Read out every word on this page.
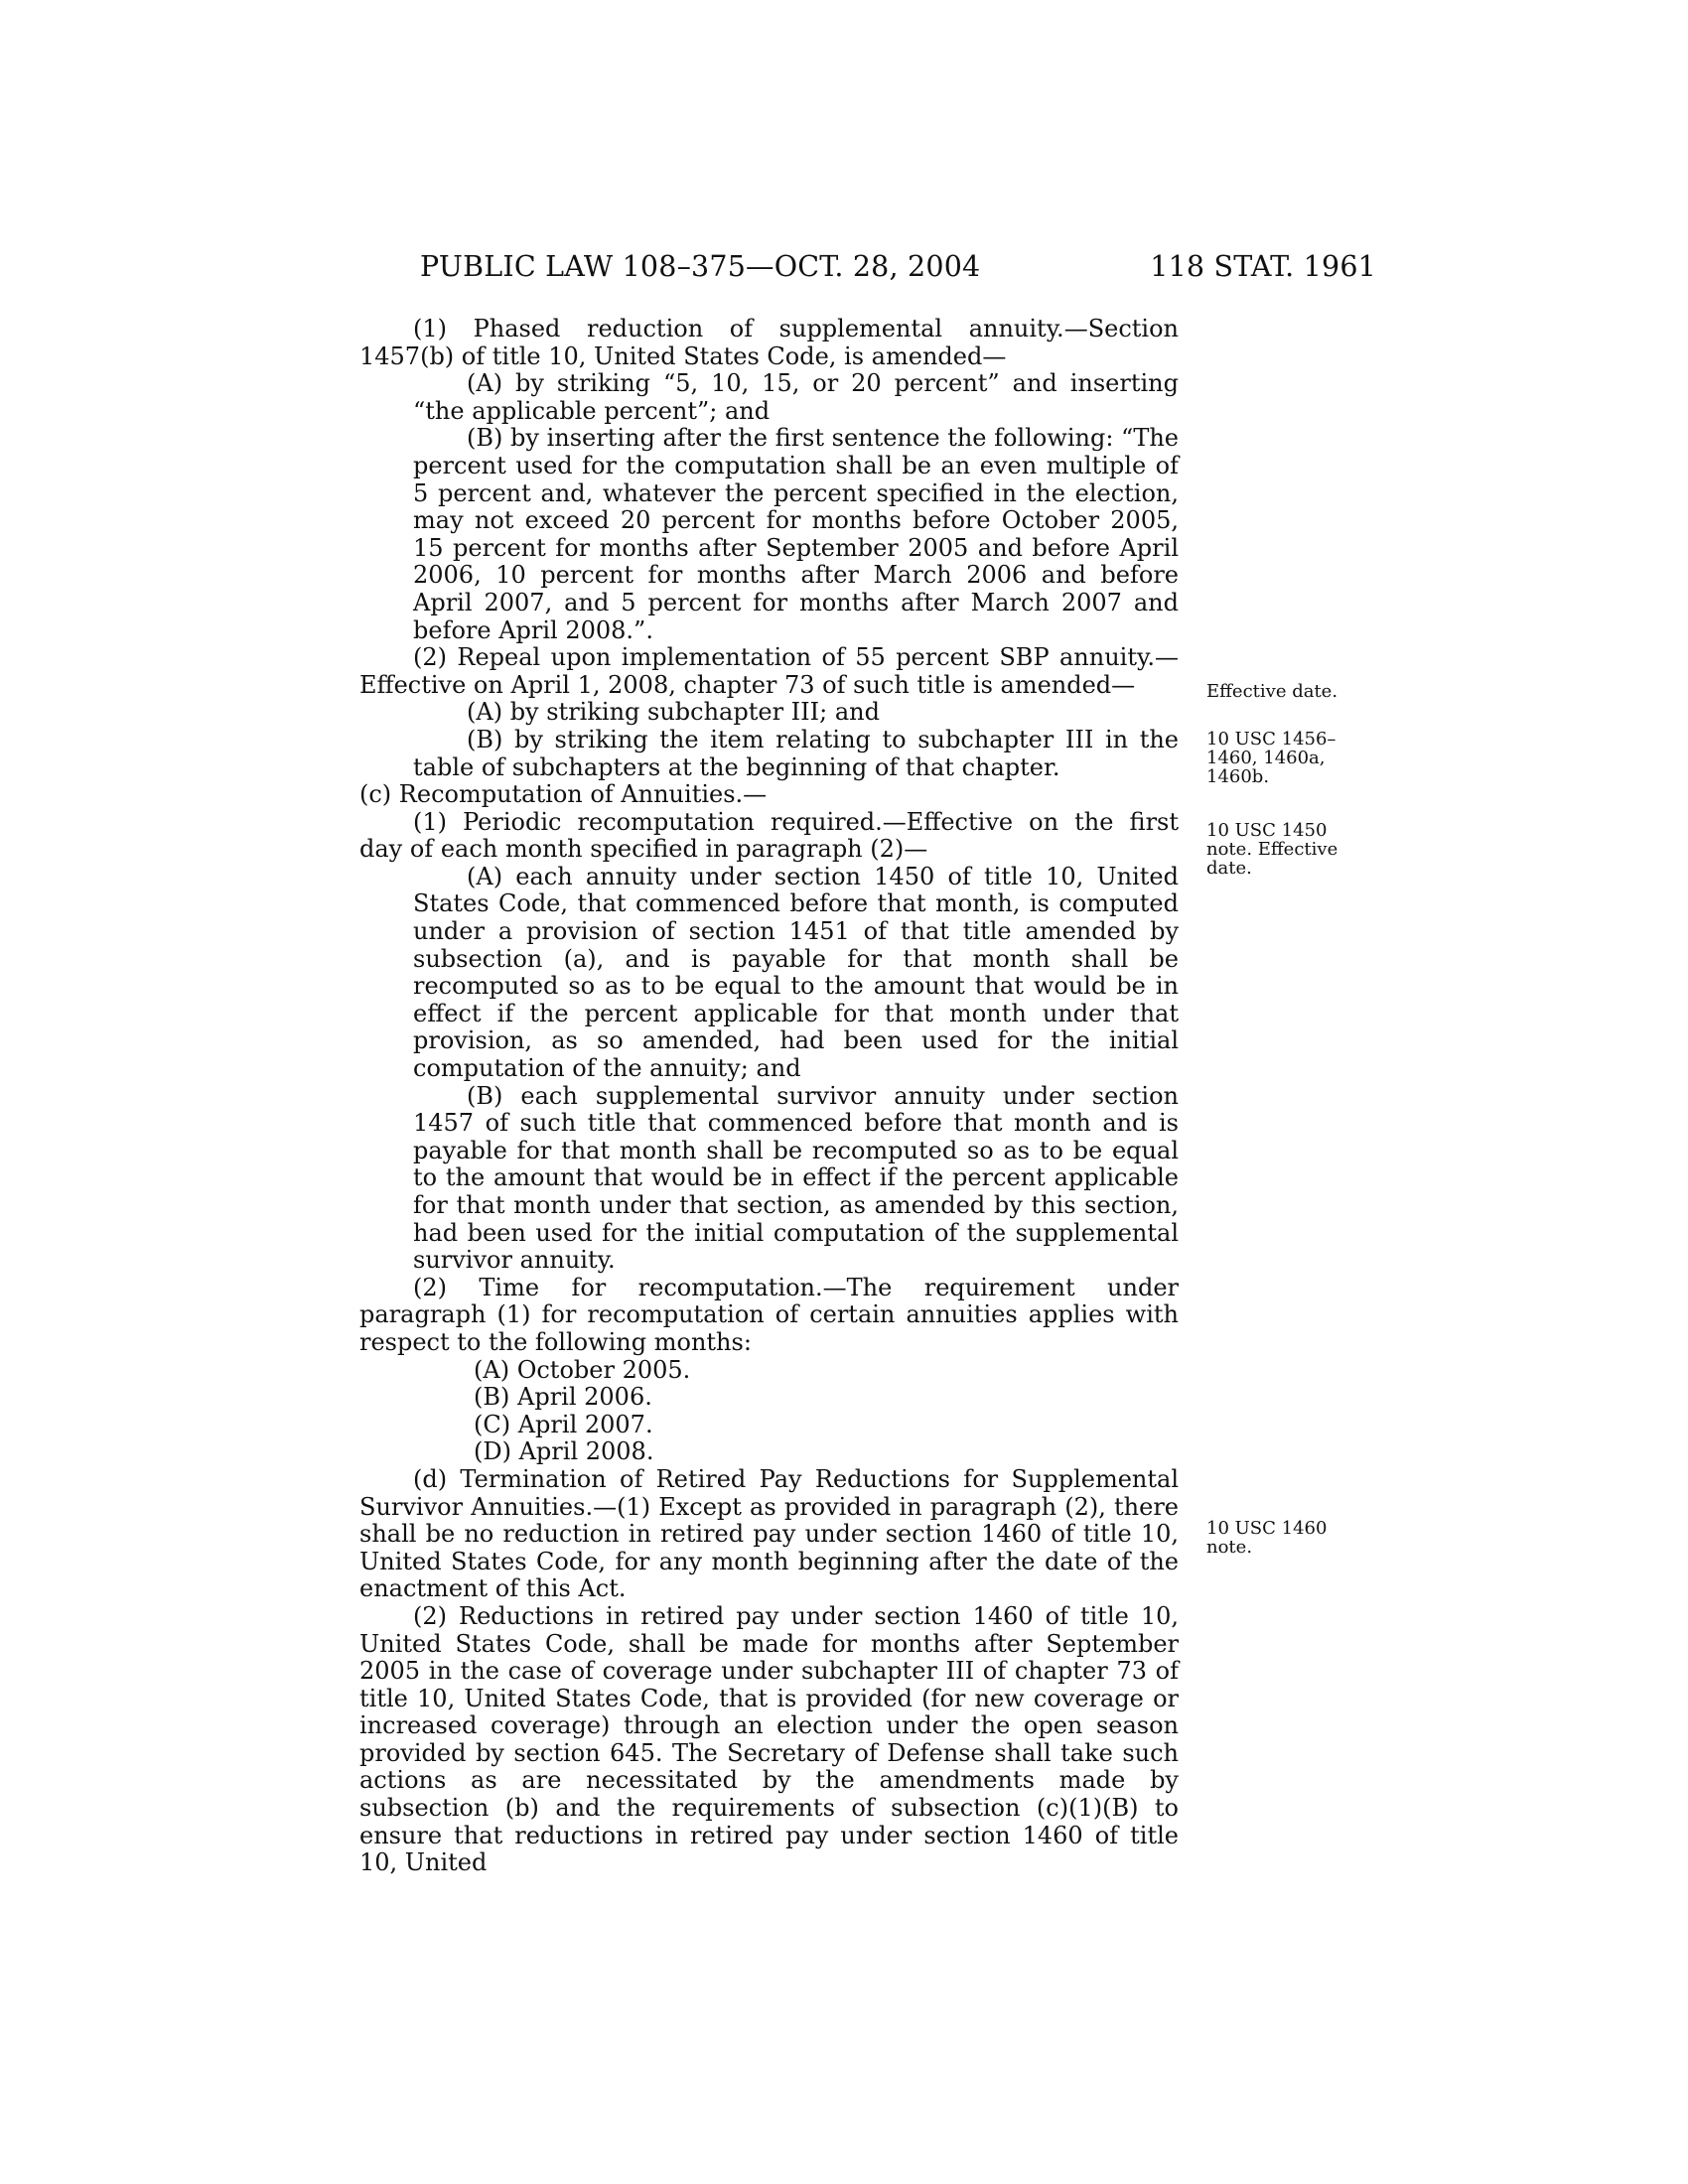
PUBLIC LAW 108–375—OCT. 28, 2004	118 STAT. 1961
(1) Phased reduction of supplemental annuity.—Section 1457(b) of title 10, United States Code, is amended—
(A) by striking “5, 10, 15, or 20 percent” and inserting “the applicable percent”; and
(B) by inserting after the first sentence the following: “The percent used for the computation shall be an even multiple of 5 percent and, whatever the percent specified in the election, may not exceed 20 percent for months before October 2005, 15 percent for months after September 2005 and before April 2006, 10 percent for months after March 2006 and before April 2007, and 5 percent for months after March 2007 and before April 2008.”.
(2) Repeal upon implementation of 55 percent SBP annuity.—Effective on April 1, 2008, chapter 73 of such title is amended—
(A) by striking subchapter III; and
(B) by striking the item relating to subchapter III in the table of subchapters at the beginning of that chapter.
(c) Recomputation of Annuities.—
(1) Periodic recomputation required.—Effective on the first day of each month specified in paragraph (2)—
(A) each annuity under section 1450 of title 10, United States Code, that commenced before that month, is computed under a provision of section 1451 of that title amended by subsection (a), and is payable for that month shall be recomputed so as to be equal to the amount that would be in effect if the percent applicable for that month under that provision, as so amended, had been used for the initial computation of the annuity; and
(B) each supplemental survivor annuity under section 1457 of such title that commenced before that month and is payable for that month shall be recomputed so as to be equal to the amount that would be in effect if the percent applicable for that month under that section, as amended by this section, had been used for the initial computation of the supplemental survivor annuity.
(2) Time for recomputation.—The requirement under paragraph (1) for recomputation of certain annuities applies with respect to the following months:
(A) October 2005.
(B) April 2006.
(C) April 2007.
(D) April 2008.
(d) Termination of Retired Pay Reductions for Supplemental Survivor Annuities.—(1) Except as provided in paragraph (2), there shall be no reduction in retired pay under section 1460 of title 10, United States Code, for any month beginning after the date of the enactment of this Act.
(2) Reductions in retired pay under section 1460 of title 10, United States Code, shall be made for months after September 2005 in the case of coverage under subchapter III of chapter 73 of title 10, United States Code, that is provided (for new coverage or increased coverage) through an election under the open season provided by section 645. The Secretary of Defense shall take such actions as are necessitated by the amendments made by subsection (b) and the requirements of subsection (c)(1)(B) to ensure that reductions in retired pay under section 1460 of title 10, United
Effective date.
10 USC 1456–1460, 1460a, 1460b.
10 USC 1450 note. Effective date.
10 USC 1460 note.
